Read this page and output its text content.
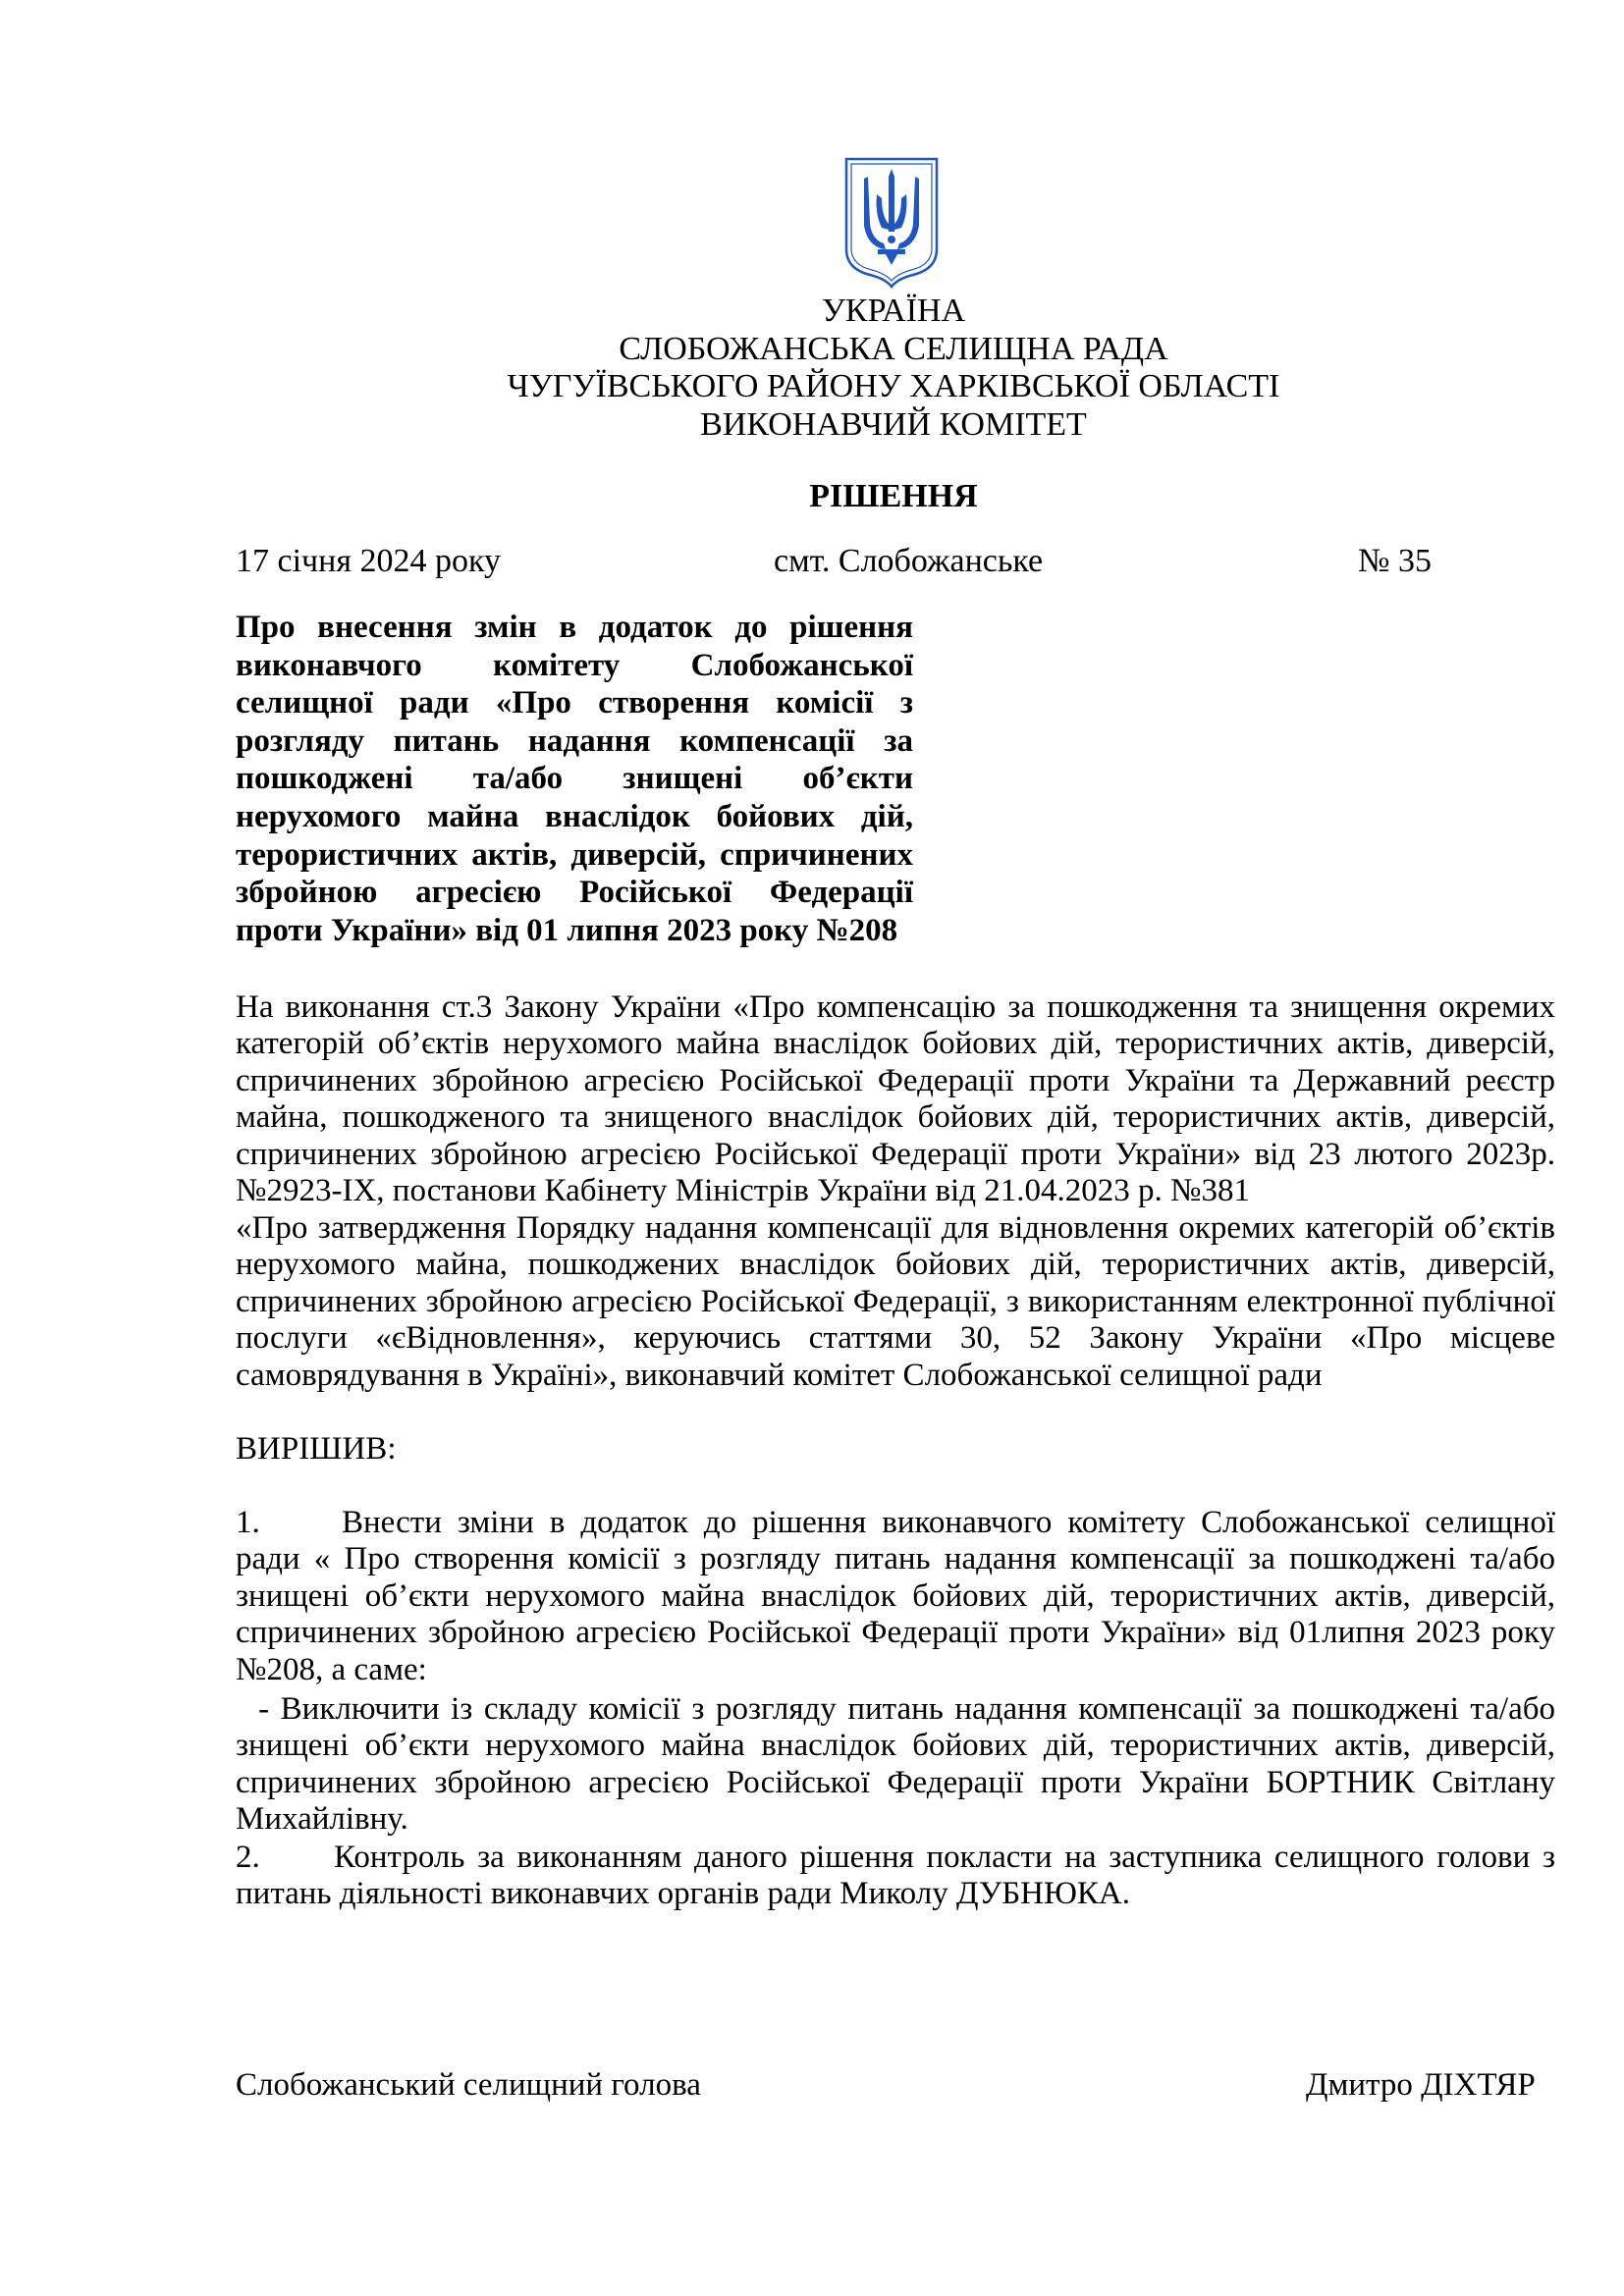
УКРАЇНА
СЛОБОЖАНСЬКА СЕЛИЩНА РАДА
ЧУГУЇВСЬКОГО РАЙОНУ ХАРКІВСЬКОЇ ОБЛАСТІ
ВИКОНАВЧИЙ КОМІТЕТ
РІШЕННЯ
17 січня 2024 року	смт. Слобожанське	№ 35
Про внесення змін в додаток до рішення виконавчого комітету Слобожанської селищної ради «Про створення комісії з розгляду питань надання компенсації за пошкоджені та/або знищені об’єкти нерухомого майна внаслідок бойових дій, терористичних актів, диверсій, спричинених збройною агресією Російської Федерації
проти України» від 01 липня 2023 року №208
На виконання ст.3 Закону України «Про компенсацію за пошкодження та знищення окремих категорій об’єктів нерухомого майна внаслідок бойових дій, терористичних актів, диверсій, спричинених збройною агресією Російської Федерації проти України та Державний реєстр майна, пошкодженого та знищеного внаслідок бойових дій, терористичних актів, диверсій, спричинених збройною агресією Російської Федерації проти України» від 23 лютого 2023р. №2923-ІХ, постанови Кабінету Міністрів України від 21.04.2023 р. №381
«Про затвердження Порядку надання компенсації для відновлення окремих категорій об’єктів нерухомого майна, пошкоджених внаслідок бойових дій, терористичних актів, диверсій, спричинених збройною агресією Російської Федерації, з використанням електронної публічної послуги «єВідновлення», керуючись статтями 30, 52 Закону України «Про місцеве самоврядування в Україні», виконавчий комітет Слобожанської селищної ради
ВИРІШИВ:
1.	Внести зміни в додаток до рішення виконавчого комітету Слобожанської селищної ради « Про створення комісії з розгляду питань надання компенсації за пошкоджені та/або знищені об’єкти нерухомого майна внаслідок бойових дій, терористичних актів, диверсій, спричинених збройною агресією Російської Федерації проти України» від 01липня 2023 року №208, а саме:
- Виключити із складу комісії з розгляду питань надання компенсації за пошкоджені та/або знищені об’єкти нерухомого майна внаслідок бойових дій, терористичних актів, диверсій, спричинених збройною агресією Російської Федерації проти України БОРТНИК Світлану Михайлівну.
2. Контроль за виконанням даного рішення покласти на заступника селищного голови з питань діяльності виконавчих органів ради Миколу ДУБНЮКА.
Слобожанський селищний голова	Дмитро ДІХТЯР
